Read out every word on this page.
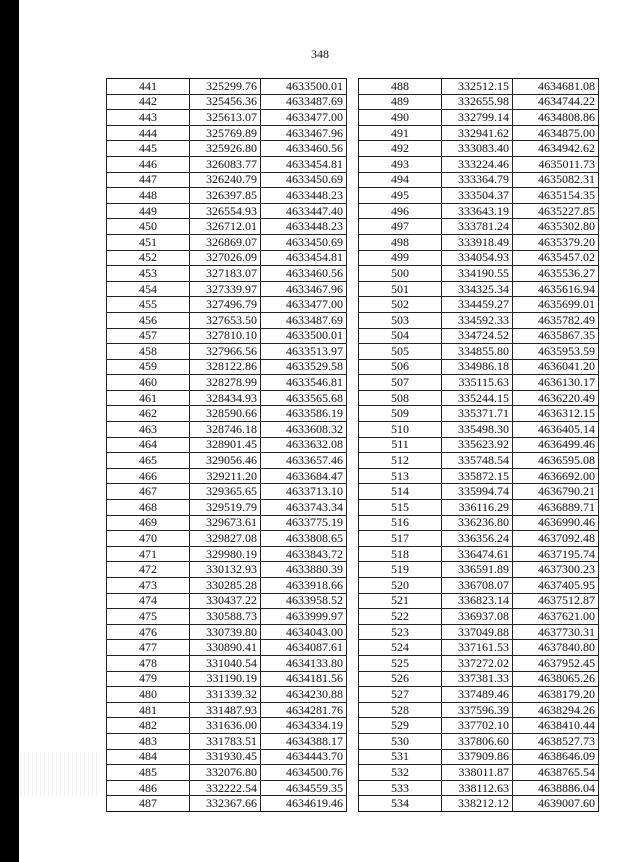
348
441	325299.76	4633500.01
442	325456.36	4633487.69
443	325613.07	4633477.00
444	325769.89	4633467.96
445	325926.80	4633460.56
446	326083.77	4633454.81
447	326240.79	4633450.69
448	326397.85	4633448.23
449	326554.93	4633447.40
450	326712.01	4633448.23
451	326869.07	4633450.69
452	327026.09	4633454.81
453	327183.07	4633460.56
454	327339.97	4633467.96
455	327496.79	4633477.00
456	327653.50	4633487.69
457	327810.10	4633500.01
458	327966.56	4633513.97
459	328122.86	4633529.58
460	328278.99	4633546.81
461	328434.93	4633565.68
462	328590.66	4633586.19
463	328746.18	4633608.32
464	328901.45	4633632.08
465	329056.46	4633657.46
466	329211.20	4633684.47
467	329365.65	4633713.10
468	329519.79	4633743.34
469	329673.61	4633775.19
470	329827.08	4633808.65
471	329980.19	4633843.72
472	330132.93	4633880.39
473	330285.28	4633918.66
474	330437.22	4633958.52
475	330588.73	4633999.97
476	330739.80	4634043.00
477	330890.41	4634087.61
478	331040.54	4634133.80
479	331190.19	4634181.56
480	331339.32	4634230.88
481	331487.93	4634281.76
482	331636.00	4634334.19
483	331783.51	4634388.17
484	331930.45	4634443.70
485	332076.80	4634500.76
486	332222.54	4634559.35
487	332367.66	4634619.46
488	332512.15	4634681.08
489	332655.98	4634744.22
490	332799.14	4634808.86
491	332941.62	4634875.00
492	333083.40	4634942.62
493	333224.46	4635011.73
494	333364.79	4635082.31
495	333504.37	4635154.35
496	333643.19	4635227.85
497	333781.24	4635302.80
498	333918.49	4635379.20
499	334054.93	4635457.02
500	334190.55	4635536.27
501	334325.34	4635616.94
502	334459.27	4635699.01
503	334592.33	4635782.49
504	334724.52	4635867.35
505	334855.80	4635953.59
506	334986.18	4636041.20
507	335115.63	4636130.17
508	335244.15	4636220.49
509	335371.71	4636312.15
510	335498.30	4636405.14
511	335623.92	4636499.46
512	335748.54	4636595.08
513	335872.15	4636692.00
514	335994.74	4636790.21
515	336116.29	4636889.71
516	336236.80	4636990.46
517	336356.24	4637092.48
518	336474.61	4637195.74
519	336591.89	4637300.23
520	336708.07	4637405.95
521	336823.14	4637512.87
522	336937.08	4637621.00
523	337049.88	4637730.31
524	337161.53	4637840.80
525	337272.02	4637952.45
526	337381.33	4638065.26
527	337489.46	4638179.20
528	337596.39	4638294.26
529	337702.10	4638410.44
530	337806.60	4638527.73
531	337909.86	4638646.09
532	338011.87	4638765.54
533	338112.63	4638886.04
534	338212.12	4639007.60
